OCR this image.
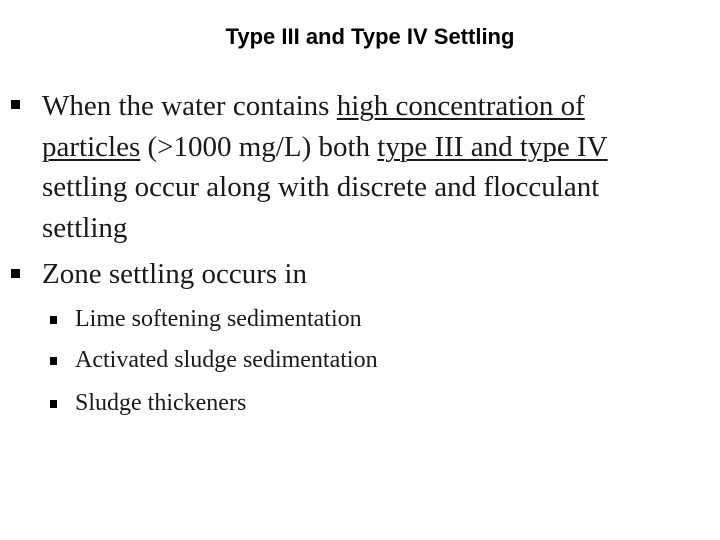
Type III and Type IV Settling
When the water contains high concentration of
particles (>1000 mg/L) both type III and type IV
settling occur along with discrete and flocculant
settling
Zone settling occurs in
Lime softening sedimentation
Activated sludge sedimentation
Sludge thickeners
